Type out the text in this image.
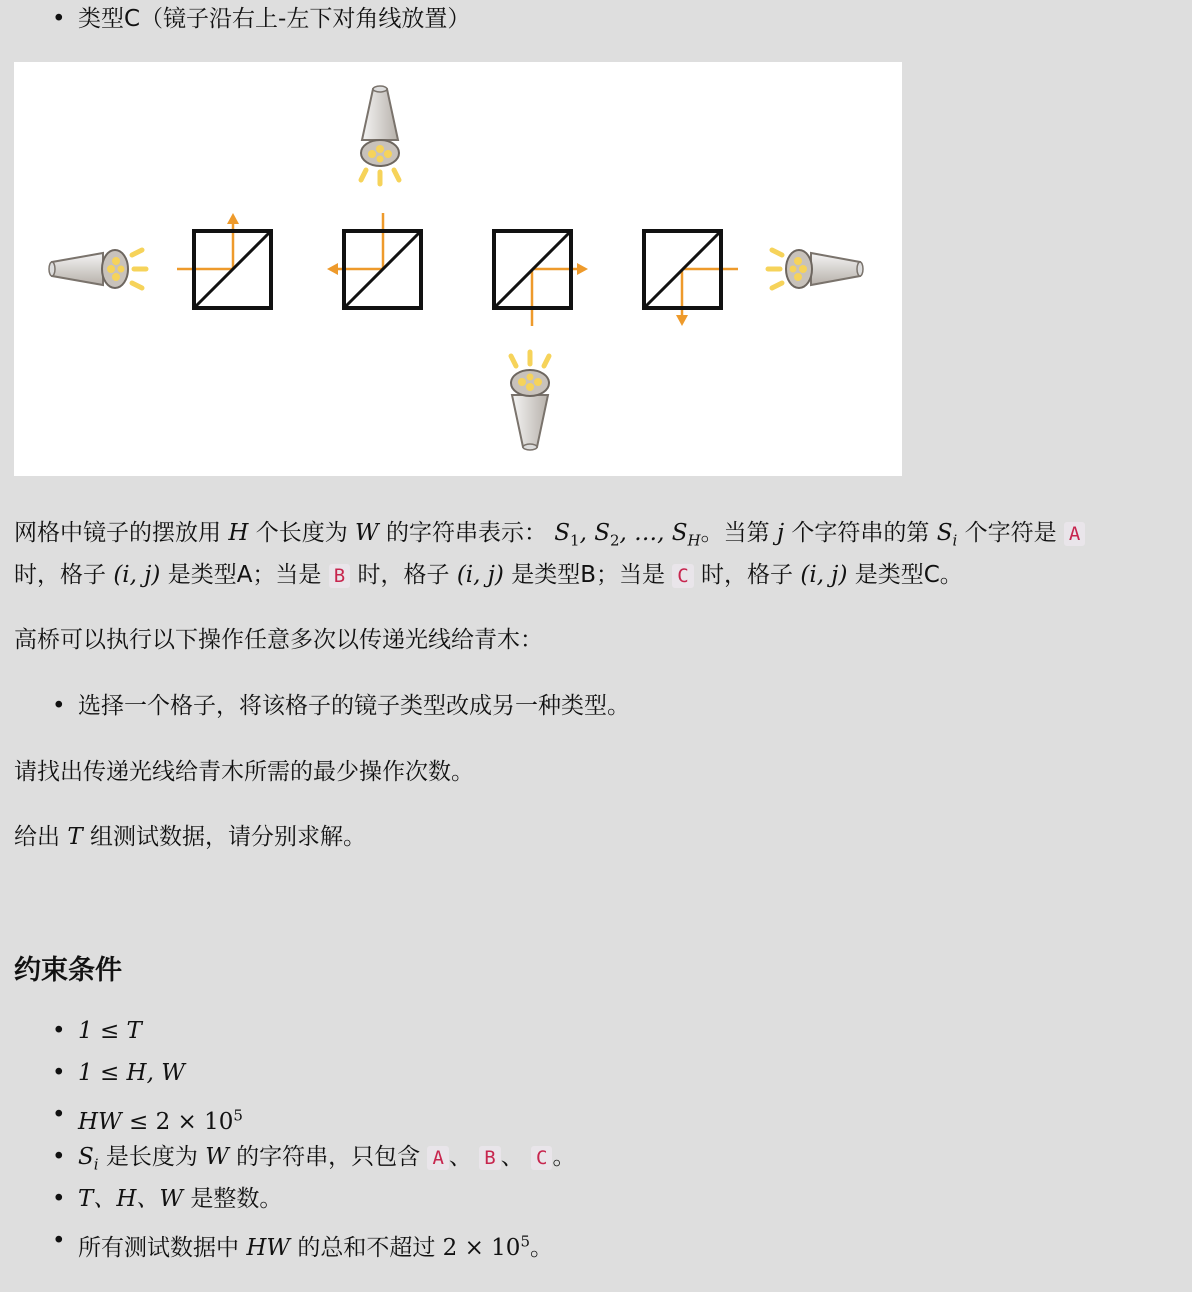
• 类型C（镜子沿右上-左下对角线放置）
网格中镜子的摆放用 H 个长度为 W 的字符串表示： $S_1$, $S_2$, …, $S_H$。当第 j 个字符串的第 $S_i$ 个字符是 A
时，格子 (i, j) 是类型A；当是 B 时，格子 (i, j) 是类型B；当是 C 时，格子 (i, j) 是类型C。
高桥可以执行以下操作任意多次以传递光线给青木：
• 选择一个格子，将该格子的镜子类型改成另一种类型。
请找出传递光线给青木所需的最少操作次数。
给出 T 组测试数据，请分别求解。
约束条件
• 1 ≤ T
• 1 ≤ H, W
• HW ≤ $2 \times 10^5$
• $S_i$ 是长度为 W 的字符串，只包含 A 、 B 、 C 。
• T、H、W 是整数。
• 所有测试数据中 HW 的总和不超过 $2 \times 10^5$。
